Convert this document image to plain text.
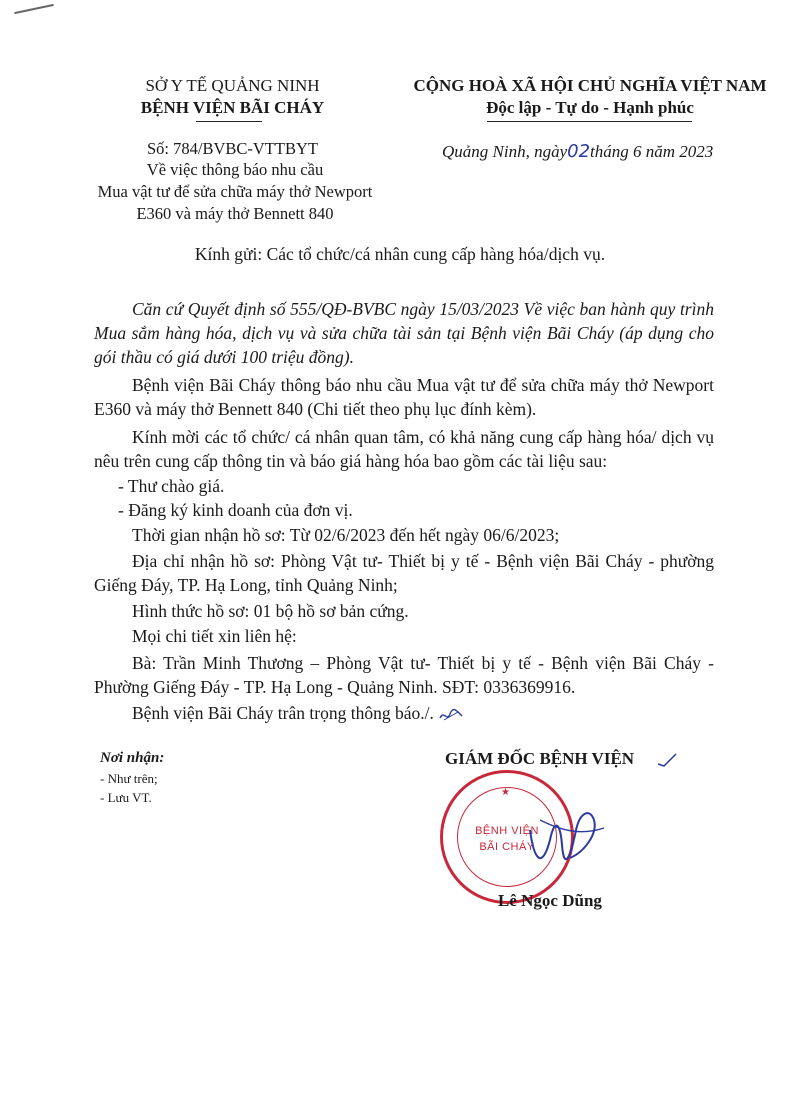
SỞ Y TẾ QUẢNG NINH
BỆNH VIỆN BÃI CHÁY
Số: 784/BVBC-VTTBYT
Về việc thông báo nhu cầu
Mua vật tư để sửa chữa máy thở Newport
E360 và máy thở Bennett 840
CỘNG HOÀ XÃ HỘI CHỦ NGHĨA VIỆT NAM
Độc lập - Tự do - Hạnh phúc
Quảng Ninh, ngày02tháng 6 năm 2023
Kính gửi: Các tổ chức/cá nhân cung cấp hàng hóa/dịch vụ.
Căn cứ Quyết định số 555/QĐ-BVBC ngày 15/03/2023 Về việc ban hành quy trình Mua sắm hàng hóa, dịch vụ và sửa chữa tài sản tại Bệnh viện Bãi Cháy (áp dụng cho gói thầu có giá dưới 100 triệu đồng).
Bệnh viện Bãi Cháy thông báo nhu cầu Mua vật tư để sửa chữa máy thở Newport E360 và máy thở Bennett 840 (Chi tiết theo phụ lục đính kèm).
Kính mời các tổ chức/ cá nhân quan tâm, có khả năng cung cấp hàng hóa/ dịch vụ nêu trên cung cấp thông tin và báo giá hàng hóa bao gồm các tài liệu sau:
- Thư chào giá.
- Đăng ký kinh doanh của đơn vị.
Thời gian nhận hồ sơ: Từ 02/6/2023 đến hết ngày 06/6/2023;
Địa chỉ nhận hồ sơ: Phòng Vật tư- Thiết bị y tế - Bệnh viện Bãi Cháy - phường Giếng Đáy, TP. Hạ Long, tỉnh Quảng Ninh;
Hình thức hồ sơ: 01 bộ hồ sơ bản cứng.
Mọi chi tiết xin liên hệ:
Bà: Trần Minh Thương – Phòng Vật tư- Thiết bị y tế - Bệnh viện Bãi Cháy - Phường Giếng Đáy - TP. Hạ Long - Quảng Ninh. SĐT: 0336369916.
Bệnh viện Bãi Cháy trân trọng thông báo./.
Nơi nhận:
- Như trên;
- Lưu VT.
GIÁM ĐỐC BỆNH VIỆN
BỆNH VIỆN
BÃI CHÁY
★
Lê Ngọc Dũng
